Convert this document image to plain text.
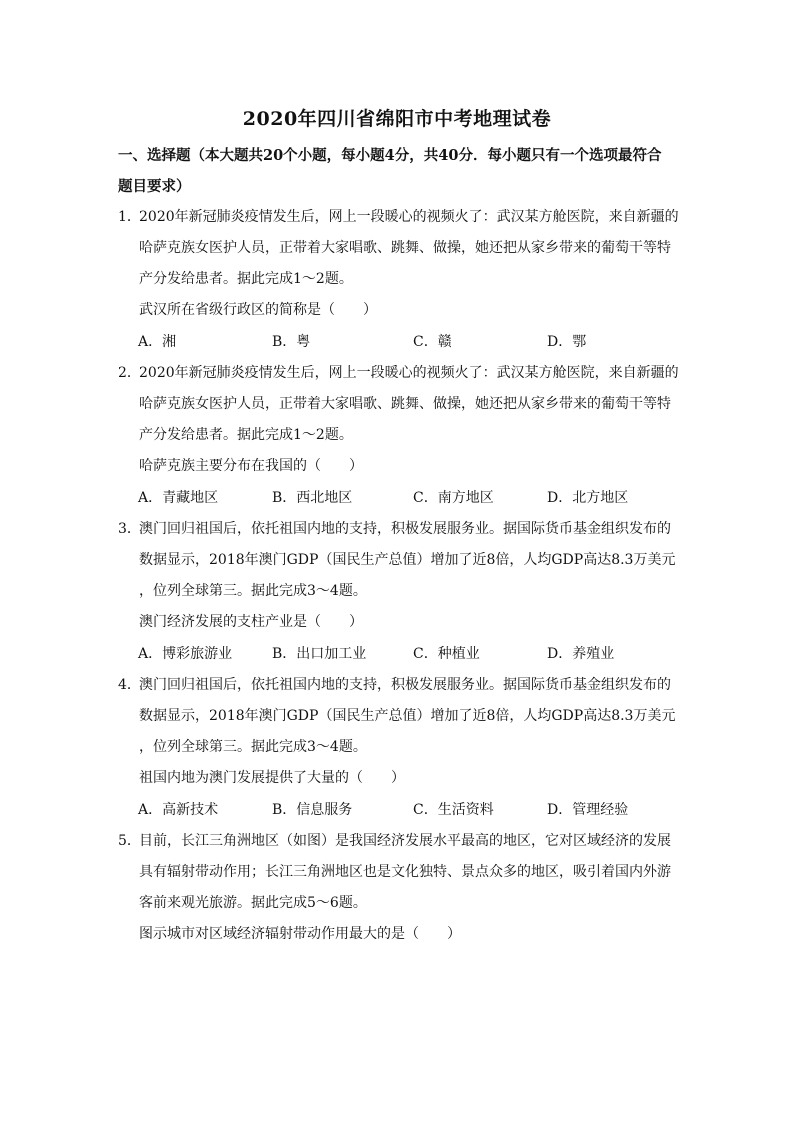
2020年四川省绵阳市中考地理试卷
一、选择题（本大题共20个小题，每小题4分，共40分．每小题只有一个选项最符合
题目要求）
1．
2020年新冠肺炎疫情发生后，网上一段暖心的视频火了：武汉某方舱医院，来自新疆的
哈萨克族女医护人员，正带着大家唱歌、跳舞、做操，她还把从家乡带来的葡萄干等特
产分发给患者。据此完成1～2题。
武汉所在省级行政区的简称是（　　）
A．湘	B．粤	C．赣	D．鄂
2．
2020年新冠肺炎疫情发生后，网上一段暖心的视频火了：武汉某方舱医院，来自新疆的
哈萨克族女医护人员，正带着大家唱歌、跳舞、做操，她还把从家乡带来的葡萄干等特
产分发给患者。据此完成1～2题。
哈萨克族主要分布在我国的（　　）
A．青藏地区	B．西北地区	C．南方地区	D．北方地区
3．
澳门回归祖国后，依托祖国内地的支持，积极发展服务业。据国际货币基金组织发布的
数据显示，2018年澳门GDP（国民生产总值）增加了近8倍，人均GDP高达8.3万美元
，位列全球第三。据此完成3～4题。
澳门经济发展的支柱产业是（　　）
A．博彩旅游业	B．出口加工业	C．种植业	D．养殖业
4．
澳门回归祖国后，依托祖国内地的支持，积极发展服务业。据国际货币基金组织发布的
数据显示，2018年澳门GDP（国民生产总值）增加了近8倍，人均GDP高达8.3万美元
，位列全球第三。据此完成3～4题。
祖国内地为澳门发展提供了大量的（　　）
A．高新技术	B．信息服务	C．生活资料	D．管理经验
5．
目前，长江三角洲地区（如图）是我国经济发展水平最高的地区，它对区域经济的发展
具有辐射带动作用；长江三角洲地区也是文化独特、景点众多的地区，吸引着国内外游
客前来观光旅游。据此完成5～6题。
图示城市对区域经济辐射带动作用最大的是（　　）
